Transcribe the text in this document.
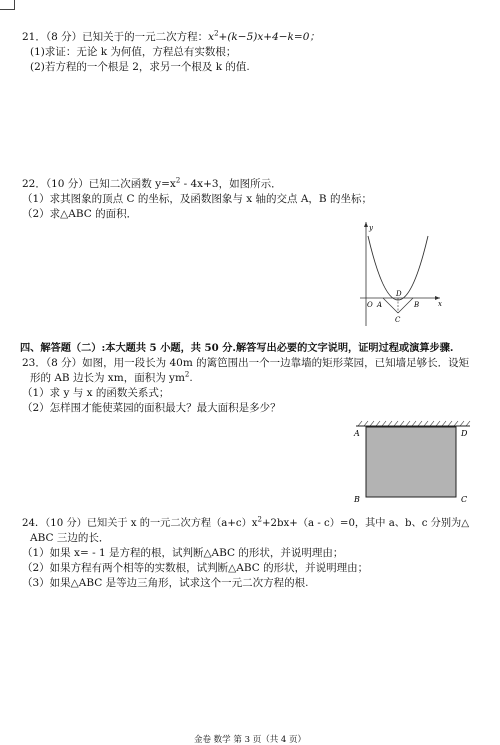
21．（8 分）已知关于的一元二次方程：$x^2+(k-5)x+4-k=0$；
(1)求证：无论 k 为何值，方程总有实数根；
(2)若方程的一个根是 2，求另一个根及 k 的值.
22．（10 分）已知二次函数 $y=x^2 - 4x+3$，如图所示．
（1）求其图象的顶点 C 的坐标，及函数图象与 x 轴的交点 A，B 的坐标；
（2）求△ABC 的面积．
y
x
O A	B
C
D
四、解答题（二）:本大题共 5 小题，共 50 分.解答写出必要的文字说明，证明过程或演算步骤.
23．（8 分）如图，用一段长为 40m 的篱笆围出一个一边靠墙的矩形菜园，已知墙足够长．设矩
形的 AB 边长为 xm，面积为 $ym^2$.
（1）求 y 与 x 的函数关系式；
（2）怎样围才能使菜园的面积最大？最大面积是多少？
A	D
B	C
24．（10 分）已知关于 x 的一元二次方程$(a+c)x^2+2bx+(a - c)=0$，其中 a、b、c 分别为△
ABC 三边的长．
（1）如果 x= - 1 是方程的根，试判断△ABC 的形状，并说明理由；
（2）如果方程有两个相等的实数根，试判断△ABC 的形状，并说明理由；
（3）如果△ABC 是等边三角形，试求这个一元二次方程的根.
金卷 数学 第 3 页（共 4 页）
